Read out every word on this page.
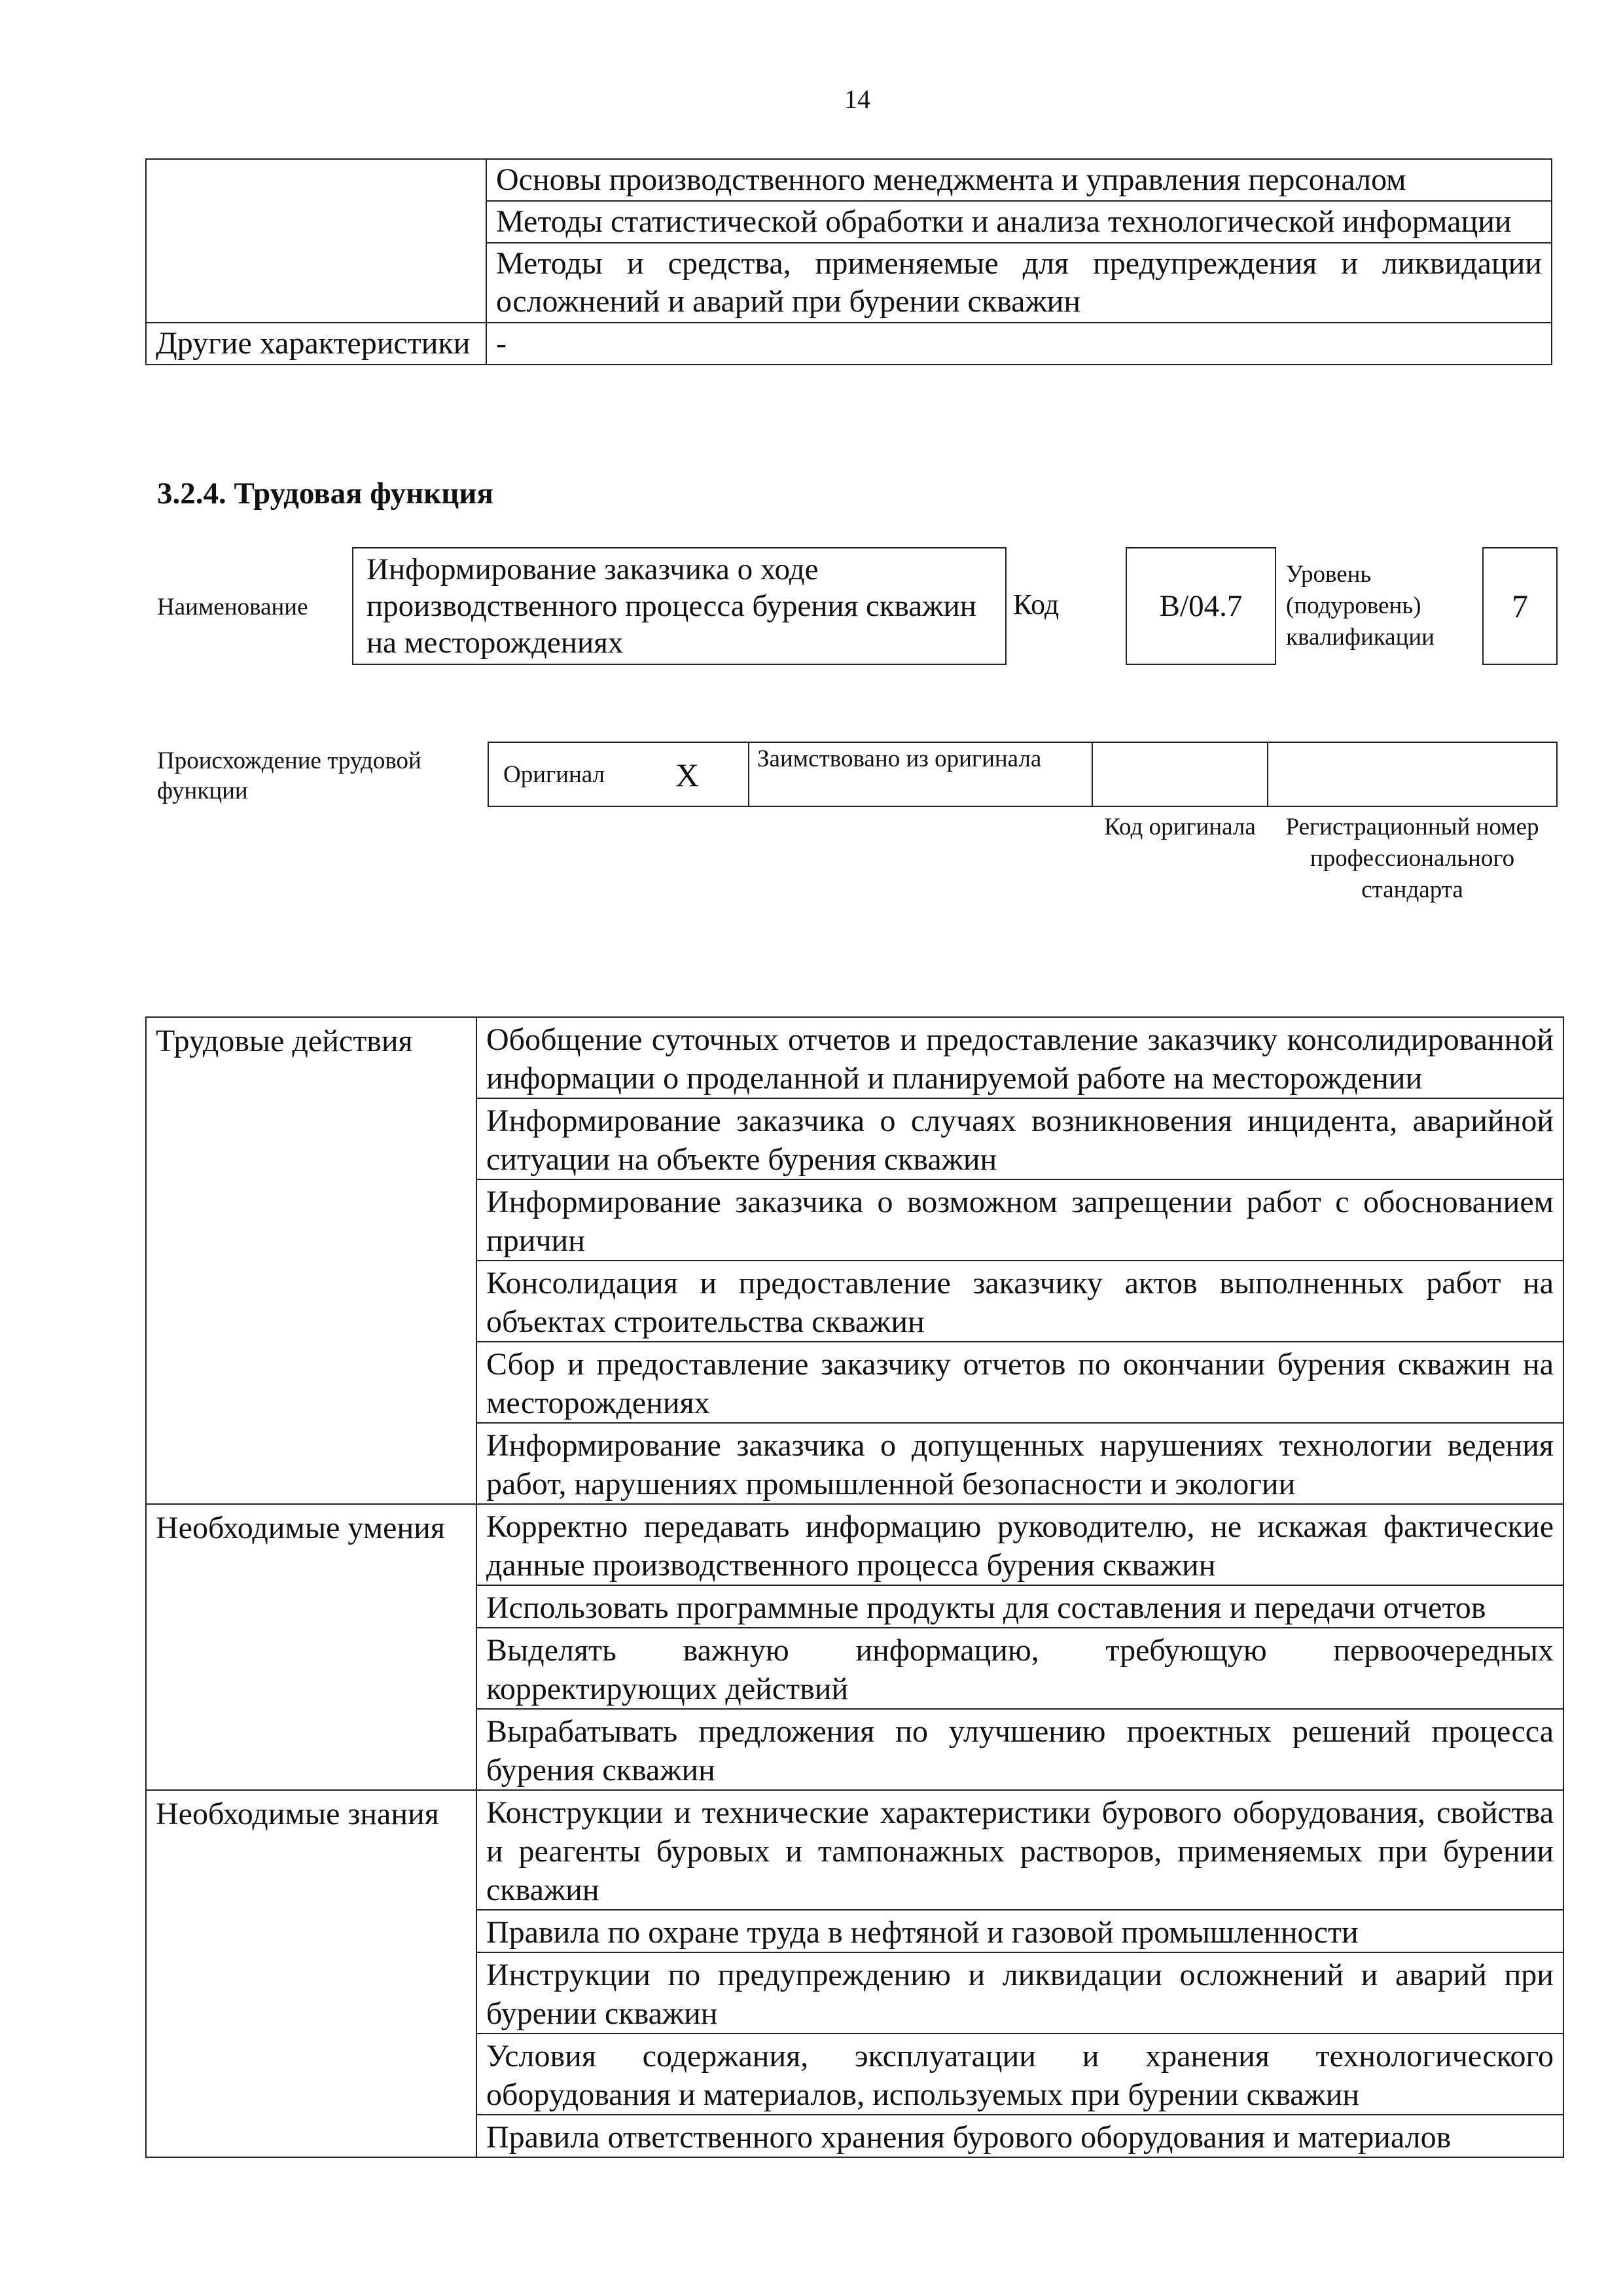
14
	Основы производственного менеджмента и управления персоналом
	Методы статистической обработки и анализа технологической информации
	Методы и средства, применяемые для предупреждения и ликвидации осложнений и аварий при бурении скважин
Другие характеристики	-
3.2.4. Трудовая функция
Наименование
Информирование заказчика о ходе производственного процесса бурения скважин на месторождениях
Код	B/04.7
Уровень (подуровень) квалификации
7
Происхождение трудовой функции
Оригинал X	Заимствовано из оригинала
Код оригинала	Регистрационный номер профессионального стандарта
Трудовые действия	Обобщение суточных отчетов и предоставление заказчику консолидированной информации о проделанной и планируемой работе на месторождении
	Информирование заказчика о случаях возникновения инцидента, аварийной ситуации на объекте бурения скважин
	Информирование заказчика о возможном запрещении работ с обоснованием причин
	Консолидация и предоставление заказчику актов выполненных работ на объектах строительства скважин
	Сбор и предоставление заказчику отчетов по окончании бурения скважин на месторождениях
	Информирование заказчика о допущенных нарушениях технологии ведения работ, нарушениях промышленной безопасности и экологии
Необходимые умения	Корректно передавать информацию руководителю, не искажая фактические данные производственного процесса бурения скважин
	Использовать программные продукты для составления и передачи отчетов
	Выделять важную информацию, требующую первоочередных корректирующих действий
	Вырабатывать предложения по улучшению проектных решений процесса бурения скважин
Необходимые знания	Конструкции и технические характеристики бурового оборудования, свойства и реагенты буровых и тампонажных растворов, применяемых при бурении скважин
	Правила по охране труда в нефтяной и газовой промышленности
	Инструкции по предупреждению и ликвидации осложнений и аварий при бурении скважин
	Условия содержания, эксплуатации и хранения технологического оборудования и материалов, используемых при бурении скважин
	Правила ответственного хранения бурового оборудования и материалов
